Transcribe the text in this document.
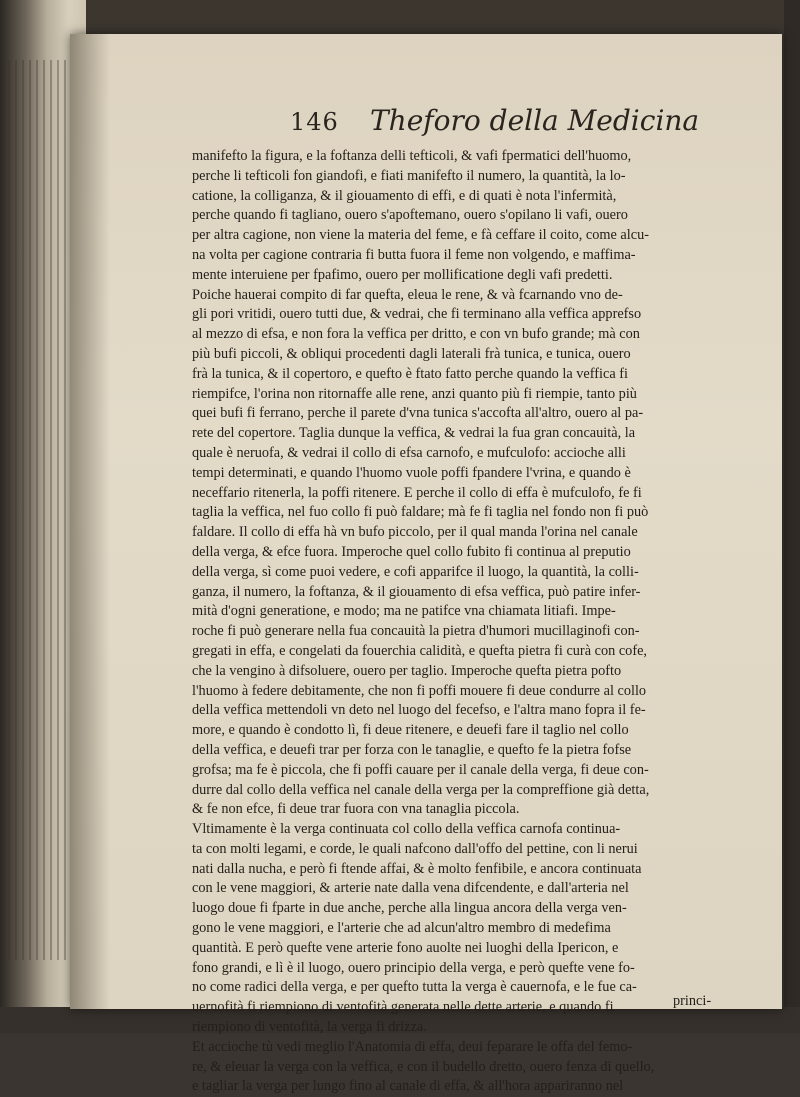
146 Theforo della Medicina
manifefto la figura, e la foftanza delli tefticoli, & vafi fpermatici dell'huomo,
perche li tefticoli fon giandofi, e fiati manifefto il numero, la quantità, la lo-
catione, la colliganza, & il giouamento di effi, e di quati è nota l'infermità,
perche quando fi tagliano, ouero s'apoftemano, ouero s'opilano li vafi, ouero
per altra cagione, non viene la materia del feme, e fà ceffare il coito, come alcu-
na volta per cagione contraria fi butta fuora il feme non volgendo, e maffima-
mente interuiene per fpafimo, ouero per mollificatione degli vafi predetti.
Poiche hauerai compito di far quefta, eleua le rene, & và fcarnando vno de-
gli pori vritidi, ouero tutti due, & vedrai, che fi terminano alla veffica apprefso
al mezzo di efsa, e non fora la veffica per dritto, e con vn bufo grande; mà con
più bufi piccoli, & obliqui procedenti dagli laterali frà tunica, e tunica, ouero
frà la tunica, & il copertoro, e quefto è ftato fatto perche quando la veffica fi
riempifce, l'orina non ritornaffe alle rene, anzi quanto più fi riempie, tanto più
quei bufi fi ferrano, perche il parete d'vna tunica s'accofta all'altro, ouero al pa-
rete del copertore. Taglia dunque la veffica, & vedrai la fua gran concauità, la
quale è neruofa, & vedrai il collo di efsa carnofo, e mufculofo: accioche alli
tempi determinati, e quando l'huomo vuole poffi fpandere l'vrina, e quando è
neceffario ritenerla, la poffi ritenere. E perche il collo di effa è mufculofo, fe fi
taglia la veffica, nel fuo collo fi può faldare; mà fe fi taglia nel fondo non fi può
faldare. Il collo di effa hà vn bufo piccolo, per il qual manda l'orina nel canale
della verga, & efce fuora. Imperoche quel collo fubito fi continua al preputio
della verga, sì come puoi vedere, e cofi apparifce il luogo, la quantità, la colli-
ganza, il numero, la foftanza, & il giouamento di efsa veffica, può patire infer-
mità d'ogni generatione, e modo; ma ne patifce vna chiamata litiafi. Impe-
roche fi può generare nella fua concauità la pietra d'humori mucillaginofi con-
gregati in effa, e congelati da fouerchia calidità, e quefta pietra fi curà con cofe,
che la vengino à difsoluere, ouero per taglio. Imperoche quefta pietra pofto
l'huomo à federe debitamente, che non fi poffi mouere fi deue condurre al collo
della veffica mettendoli vn deto nel luogo del fecefso, e l'altra mano fopra il fe-
more, e quando è condotto lì, fi deue ritenere, e deuefi fare il taglio nel collo
della veffica, e deuefi trar per forza con le tanaglie, e quefto fe la pietra fofse
grofsa; ma fe è piccola, che fi poffi cauare per il canale della verga, fi deue con-
durre dal collo della veffica nel canale della verga per la compreffione già detta,
& fe non efce, fi deue trar fuora con vna tanaglia piccola.
Vltimamente è la verga continuata col collo della veffica carnofa continua-
ta con molti legami, e corde, le quali nafcono dall'offo del pettine, con li nerui
nati dalla nucha, e però fi ftende affai, & è molto fenfibile, e ancora continuata
con le vene maggiori, & arterie nate dalla vena difcendente, e dall'arteria nel
luogo doue fi fparte in due anche, perche alla lingua ancora della verga ven-
gono le vene maggiori, e l'arterie che ad alcun'altro membro di medefima
quantità. E però quefte vene arterie fono auolte nei luoghi della Ipericon, e
fono grandi, e lì è il luogo, ouero principio della verga, e però quefte vene fo-
no come radici della verga, e per quefto tutta la verga è cauernofa, e le fue ca-
uernofità fi riempiono di ventofità generata nelle dette arterie, e quando fi
riempiono di ventofità, la verga fi drizza.
Et accioche tù vedi meglio l'Anatomia di effa, deui feparare le offa del femo-
re, & eleuar la verga con la veffica, e con il budello dretto, ouero fenza di quello,
e tagliar la verga per lungo fino al canale di effa, & all'hora appariranno nel
princi-
